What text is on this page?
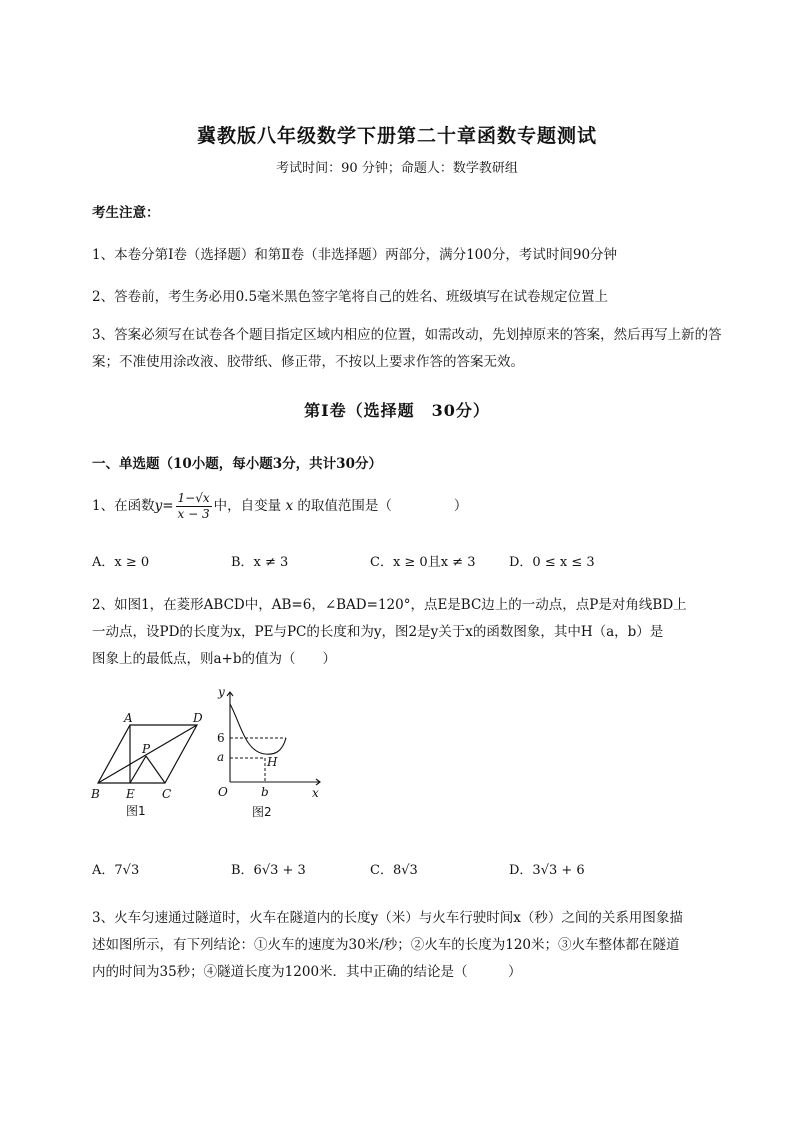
冀教版八年级数学下册第二十章函数专题测试
考试时间：90 分钟；命题人：数学教研组
考生注意：
1、本卷分第Ⅰ卷（选择题）和第Ⅱ卷（非选择题）两部分，满分100分，考试时间90分钟
2、答卷前，考生务必用0.5毫米黑色签字笔将自己的姓名、班级填写在试卷规定位置上
3、答案必须写在试卷各个题目指定区域内相应的位置，如需改动，先划掉原来的答案，然后再写上新的答案；不准使用涂改液、胶带纸、修正带，不按以上要求作答的答案无效。
第Ⅰ卷（选择题　30分）
一、单选题（10小题，每小题3分，共计30分）
1、在函数$y= \frac{1-√x}{x - 3}$ 中，自变量 x 的取值范围是（	）
A．x ≥ 0	B．x ≠ 3	C．x ≥ 0且x ≠ 3	D．0 ≤ x ≤ 3
2、如图1，在菱形ABCD中，AB=6，∠BAD=120°，点E是BC边上的一动点，点P是对角线BD上
一动点，设PD的长度为x，PE与PC的长度和为y，图2是y关于x的函数图象，其中H（a，b）是
图象上的最低点，则a+b的值为（　　）
A	D
P
B E C
图1
y
x
O
6
a
b
H
图2
A．7√3	B．6√3 + 3	C．8√3	D．3√3 + 6
3、火车匀速通过隧道时，火车在隧道内的长度y（米）与火车行驶时间x（秒）之间的关系用图象描
述如图所示，有下列结论：①火车的速度为30米/秒；②火车的长度为120米；③火车整体都在隧道
内的时间为35秒；④隧道长度为1200米．其中正确的结论是（　　　）
